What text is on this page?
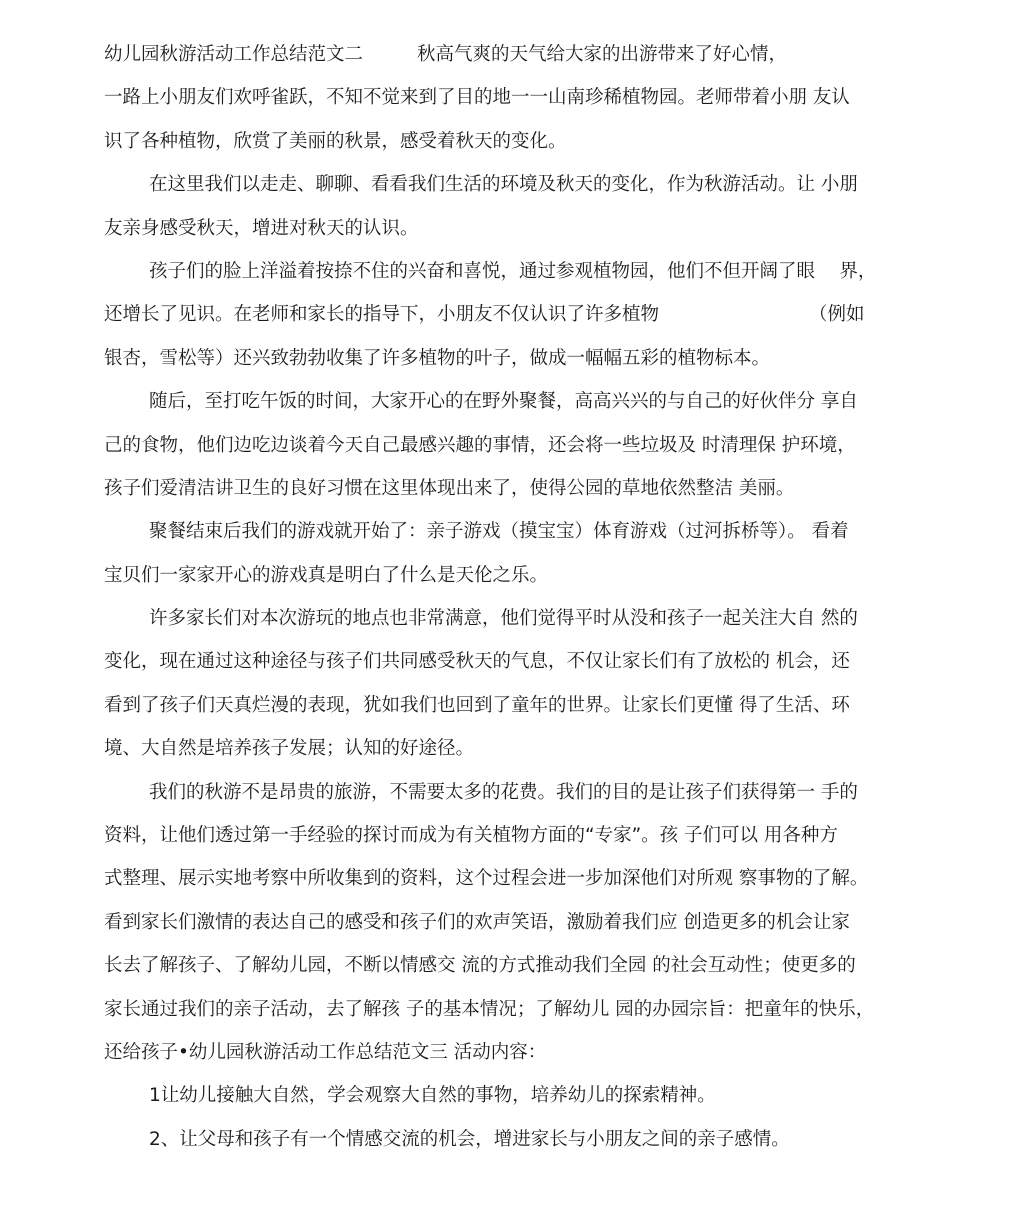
幼儿园秋游活动工作总结范文二	秋高气爽的天气给大家的出游带来了好心情，
一路上小朋友们欢呼雀跃，不知不觉来到了目的地一一山南珍稀植物园。老师带着小朋 友认
识了各种植物，欣赏了美丽的秋景，感受着秋天的变化。
在这里我们以走走、聊聊、看看我们生活的环境及秋天的变化，作为秋游活动。让 小朋
友亲身感受秋天，增进对秋天的认识。
孩子们的脸上洋溢着按捺不住的兴奋和喜悦，通过参观植物园，他们不但开阔了眼　 界，
还增长了见识。在老师和家长的指导下，小朋友不仅认识了许多植物	（例如
银杏，雪松等）还兴致勃勃收集了许多植物的叶子，做成一幅幅五彩的植物标本。
随后，至打吃午饭的时间，大家开心的在野外聚餐，高高兴兴的与自己的好伙伴分 享自
己的食物，他们边吃边谈着今天自己最感兴趣的事情，还会将一些垃圾及 时清理保 护环境，
孩子们爱清洁讲卫生的良好习惯在这里体现出来了，使得公园的草地依然整洁 美丽。
聚餐结束后我们的游戏就开始了：亲子游戏（摸宝宝）体育游戏（过河拆桥等）。 看着
宝贝们一家家开心的游戏真是明白了什么是天伦之乐。
许多家长们对本次游玩的地点也非常满意，他们觉得平时从没和孩子一起关注大自 然的
变化，现在通过这种途径与孩子们共同感受秋天的气息，不仅让家长们有了放松的 机会，还
看到了孩子们天真烂漫的表现，犹如我们也回到了童年的世界。让家长们更懂 得了生活、环
境、大自然是培养孩子发展；认知的好途径。
我们的秋游不是昂贵的旅游，不需要太多的花费。我们的目的是让孩子们获得第一 手的
资料，让他们透过第一手经验的探讨而成为有关植物方面的“专家”。孩 子们可以 用各种方
式整理、展示实地考察中所收集到的资料，这个过程会进一步加深他们对所观 察事物的了解。
看到家长们激情的表达自己的感受和孩子们的欢声笑语，激励着我们应 创造更多的机会让家
长去了解孩子、了解幼儿园，不断以情感交 流的方式推动我们全园 的社会互动性；使更多的
家长通过我们的亲子活动，去了解孩 子的基本情况；了解幼儿 园的办园宗旨：把童年的快乐，
还给孩子•幼儿园秋游活动工作总结范文三 活动内容：
1让幼儿接触大自然，学会观察大自然的事物，培养幼儿的探索精神。
2、让父母和孩子有一个情感交流的机会，增进家长与小朋友之间的亲子感情。
